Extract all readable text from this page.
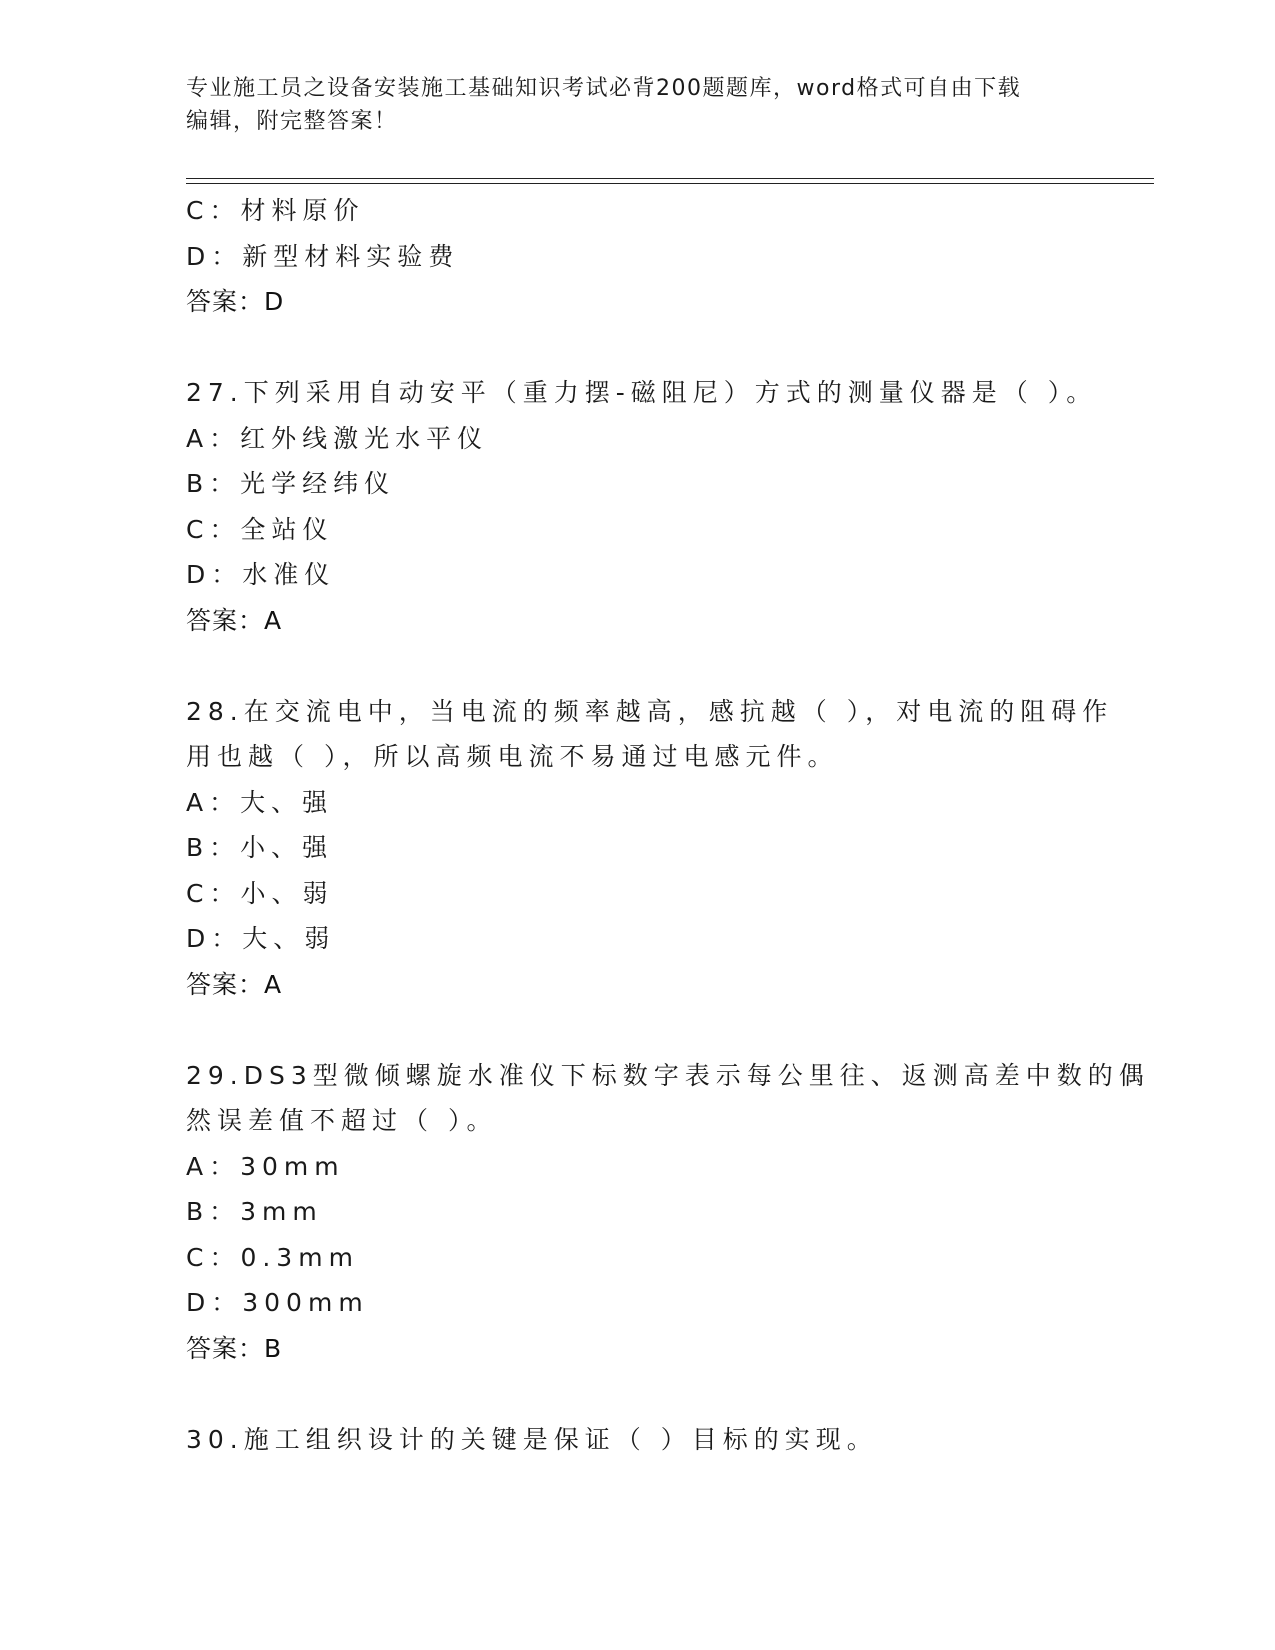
专业施工员之设备安装施工基础知识考试必背200题题库，word格式可自由下载
编辑，附完整答案！
C：材料原价
D：新型材料实验费
答案：D
27.下列采用自动安平（重力摆-磁阻尼）方式的测量仪器是（ ）。
A：红外线激光水平仪
B：光学经纬仪
C：全站仪
D：水准仪
答案：A
28.在交流电中，当电流的频率越高，感抗越（ ），对电流的阻碍作
用也越（ ），所以高频电流不易通过电感元件。
A：大、强
B：小、强
C：小、弱
D：大、弱
答案：A
29.DS3型微倾螺旋水准仪下标数字表示每公里往、返测高差中数的偶
然误差值不超过（ ）。
A：30mm
B：3mm
C：0.3mm
D：300mm
答案：B
30.施工组织设计的关键是保证（ ）目标的实现。
